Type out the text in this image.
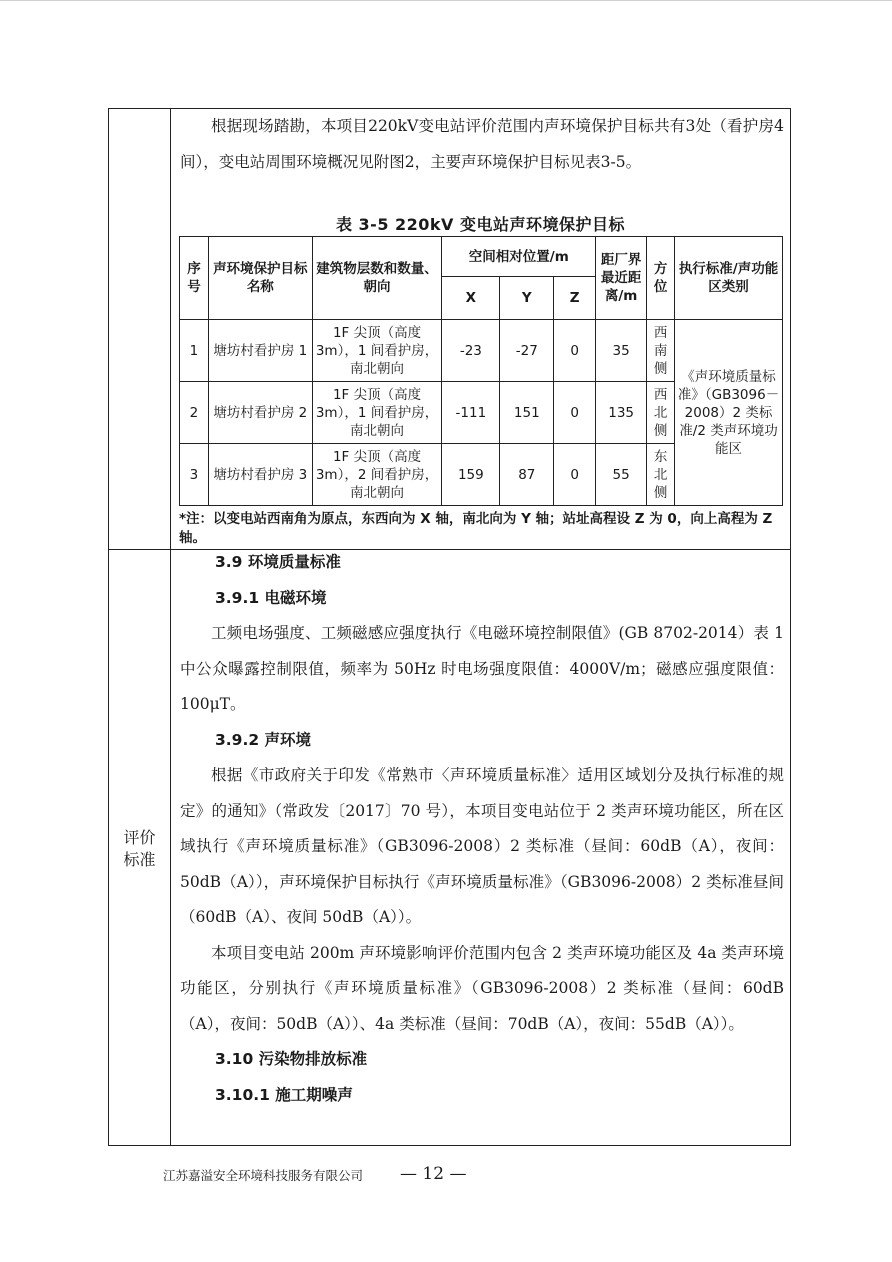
根据现场踏勘，本项目220kV变电站评价范围内声环境保护目标共有3处（看护房4间），变电站周围环境概况见附图2，主要声环境保护目标见表3-5。

表 3-5 220kV 变电站声环境保护目标
序号	声环境保护目标名称	建筑物层数和数量、朝向	空间相对位置/m			距厂界最近距离/m	方位	执行标准/声功能区类别
			X	Y	Z			
1	塘坊村看护房 1	1F 尖顶（高度 3m），1 间看护房，南北朝向	-23	-27	0	35	西南侧	《声环境质量标准》（GB3096－2008）2 类标准/2 类声环境功能区
2	塘坊村看护房 2	1F 尖顶（高度 3m），1 间看护房，南北朝向	-111	151	0	135	西北侧	
3	塘坊村看护房 3	1F 尖顶（高度 3m），2 间看护房，南北朝向	159	87	0	55	东北侧	
*注：以变电站西南角为原点，东西向为 X 轴，南北向为 Y 轴；站址高程设 Z 为 0，向上高程为 Z 轴。
评价
标准
3.9 环境质量标准
3.9.1 电磁环境

工频电场强度、工频磁感应强度执行《电磁环境控制限值》(GB 8702-2014）表 1 中公众曝露控制限值，频率为 50Hz 时电场强度限值：4000V/m；磁感应强度限值：100μT。

3.9.2 声环境

根据《市政府关于印发《常熟市〈声环境质量标准〉适用区域划分及执行标准的规定》的通知》（常政发〔2017〕70 号），本项目变电站位于 2 类声环境功能区，所在区域执行《声环境质量标准》（GB3096-2008）2 类标准（昼间：60dB（A），夜间：50dB（A）），声环境保护目标执行《声环境质量标准》（GB3096-2008）2 类标准昼间（60dB（A）、夜间 50dB（A））。

本项目变电站 200m 声环境影响评价范围内包含 2 类声环境功能区及 4a 类声环境功能区，分别执行《声环境质量标准》（GB3096-2008）2 类标准（昼间：60dB（A），夜间：50dB（A））、4a 类标准（昼间：70dB（A），夜间：55dB（A））。

3.10 污染物排放标准
3.10.1 施工期噪声
江苏嘉溢安全环境科技服务有限公司 — 12 —
